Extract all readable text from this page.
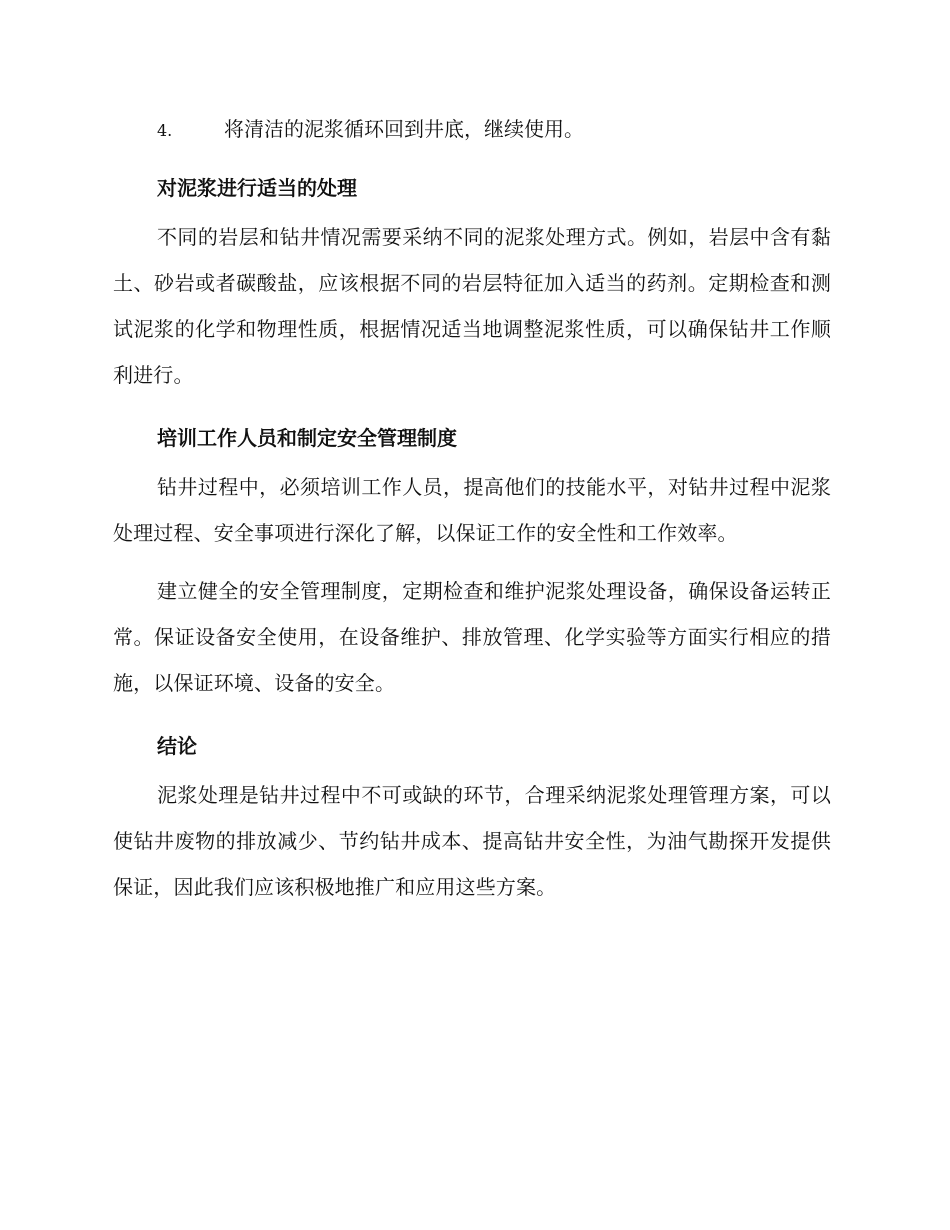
4.	将清洁的泥浆循环回到井底，继续使用。
对泥浆进行适当的处理

不同的岩层和钻井情况需要采纳不同的泥浆处理方式。例如，岩层中含有黏土、砂岩或者碳酸盐，应该根据不同的岩层特征加入适当的药剂。定期检查和测试泥浆的化学和物理性质，根据情况适当地调整泥浆性质，可以确保钻井工作顺利进行。

培训工作人员和制定安全管理制度

钻井过程中，必须培训工作人员，提高他们的技能水平，对钻井过程中泥浆处理过程、安全事项进行深化了解，以保证工作的安全性和工作效率。

建立健全的安全管理制度，定期检查和维护泥浆处理设备，确保设备运转正常。保证设备安全使用，在设备维护、排放管理、化学实验等方面实行相应的措施，以保证环境、设备的安全。

结论

泥浆处理是钻井过程中不可或缺的环节，合理采纳泥浆处理管理方案，可以使钻井废物的排放减少、节约钻井成本、提高钻井安全性，为油气勘探开发提供保证，因此我们应该积极地推广和应用这些方案。
